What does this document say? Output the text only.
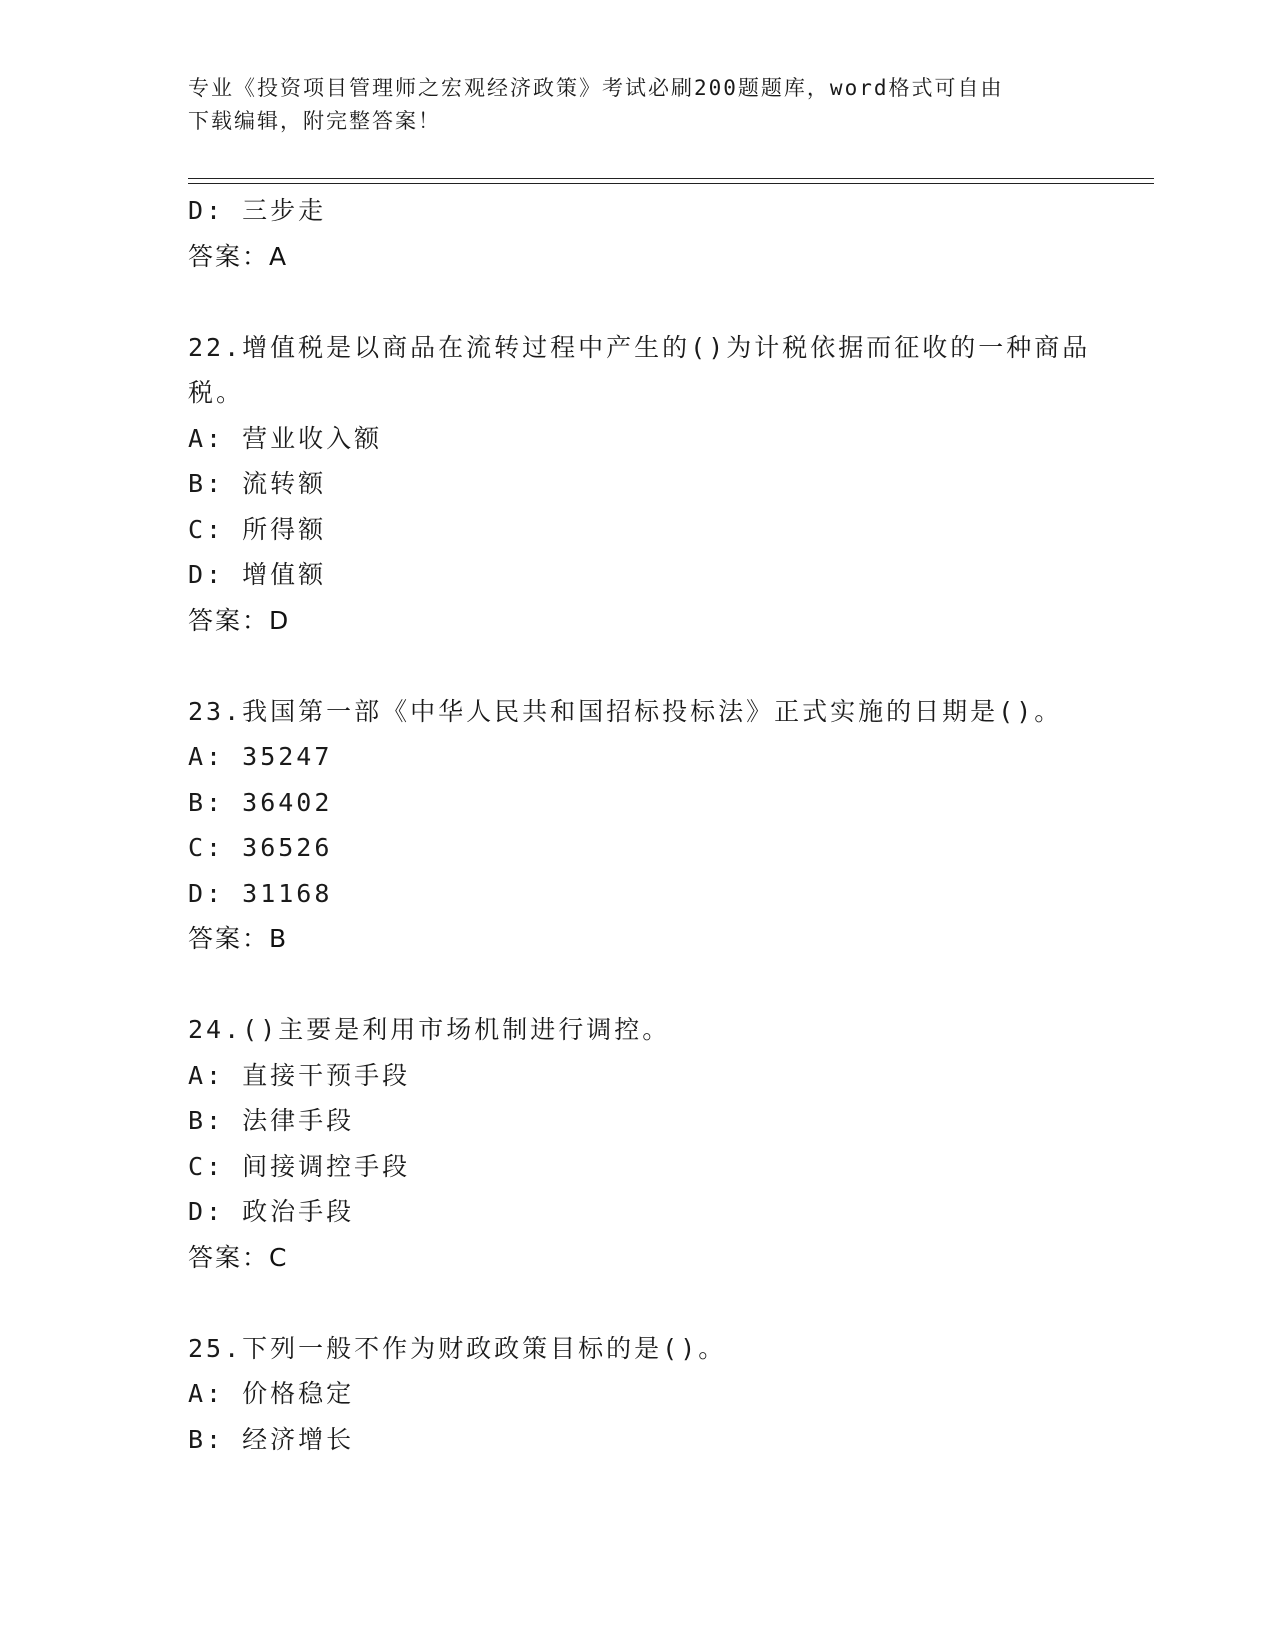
专业《投资项目管理师之宏观经济政策》考试必刷200题题库，word格式可自由
下载编辑，附完整答案！
D: 三步走
答案：A
22.增值税是以商品在流转过程中产生的()为计税依据而征收的一种商品税。
A: 营业收入额
B: 流转额
C: 所得额
D: 增值额
答案：D
23.我国第一部《中华人民共和国招标投标法》正式实施的日期是()。
A: 35247
B: 36402
C: 36526
D: 31168
答案：B
24.()主要是利用市场机制进行调控。
A: 直接干预手段
B: 法律手段
C: 间接调控手段
D: 政治手段
答案：C
25.下列一般不作为财政政策目标的是()。
A: 价格稳定
B: 经济增长
